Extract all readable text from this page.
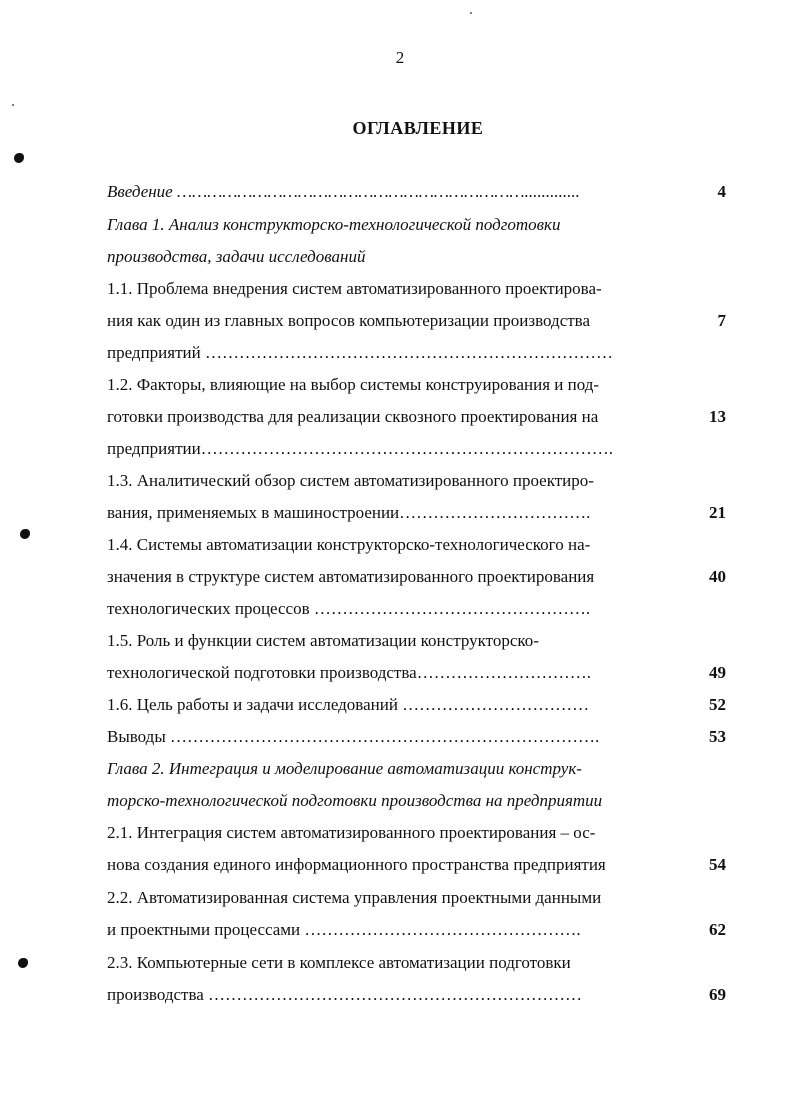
2
ОГЛАВЛЕНИЕ
Введение …………………………………………………………….............
Глава 1. Анализ конструкторско-технологической подготовки
производства, задачи исследований
1.1. Проблема внедрения систем автоматизированного проектирова-
ния как один из главных вопросов компьютеризации производства
предприятий ………………………………………………………………
1.2. Факторы, влияющие на выбор системы конструирования и под-
готовки производства для реализации сквозного проектирования на
предприятии……………………………………………………………….
1.3. Аналитический обзор систем автоматизированного проектиро-
вания, применяемых в машиностроении…………………………….
1.4. Системы автоматизации конструкторско-технологического на-
значения в структуре систем автоматизированного проектирования
технологических процессов ………………………………………….
1.5. Роль и функции систем автоматизации конструкторско-
технологической подготовки производства………………………….
1.6. Цель работы и задачи исследований ……………………………
Выводы ………………………………………………………………….
Глава 2. Интеграция и моделирование автоматизации конструк-
торско-технологической подготовки производства на предприятии
2.1. Интеграция систем автоматизированного проектирования – ос-
нова создания единого информационного пространства предприятия
2.2. Автоматизированная система управления проектными данными
и проектными процессами ………………………………………….
2.3. Компьютерные сети в комплексе автоматизации подготовки
производства …………………………………………………………
4
7
13
21
40
49
52
53
54
62
69
